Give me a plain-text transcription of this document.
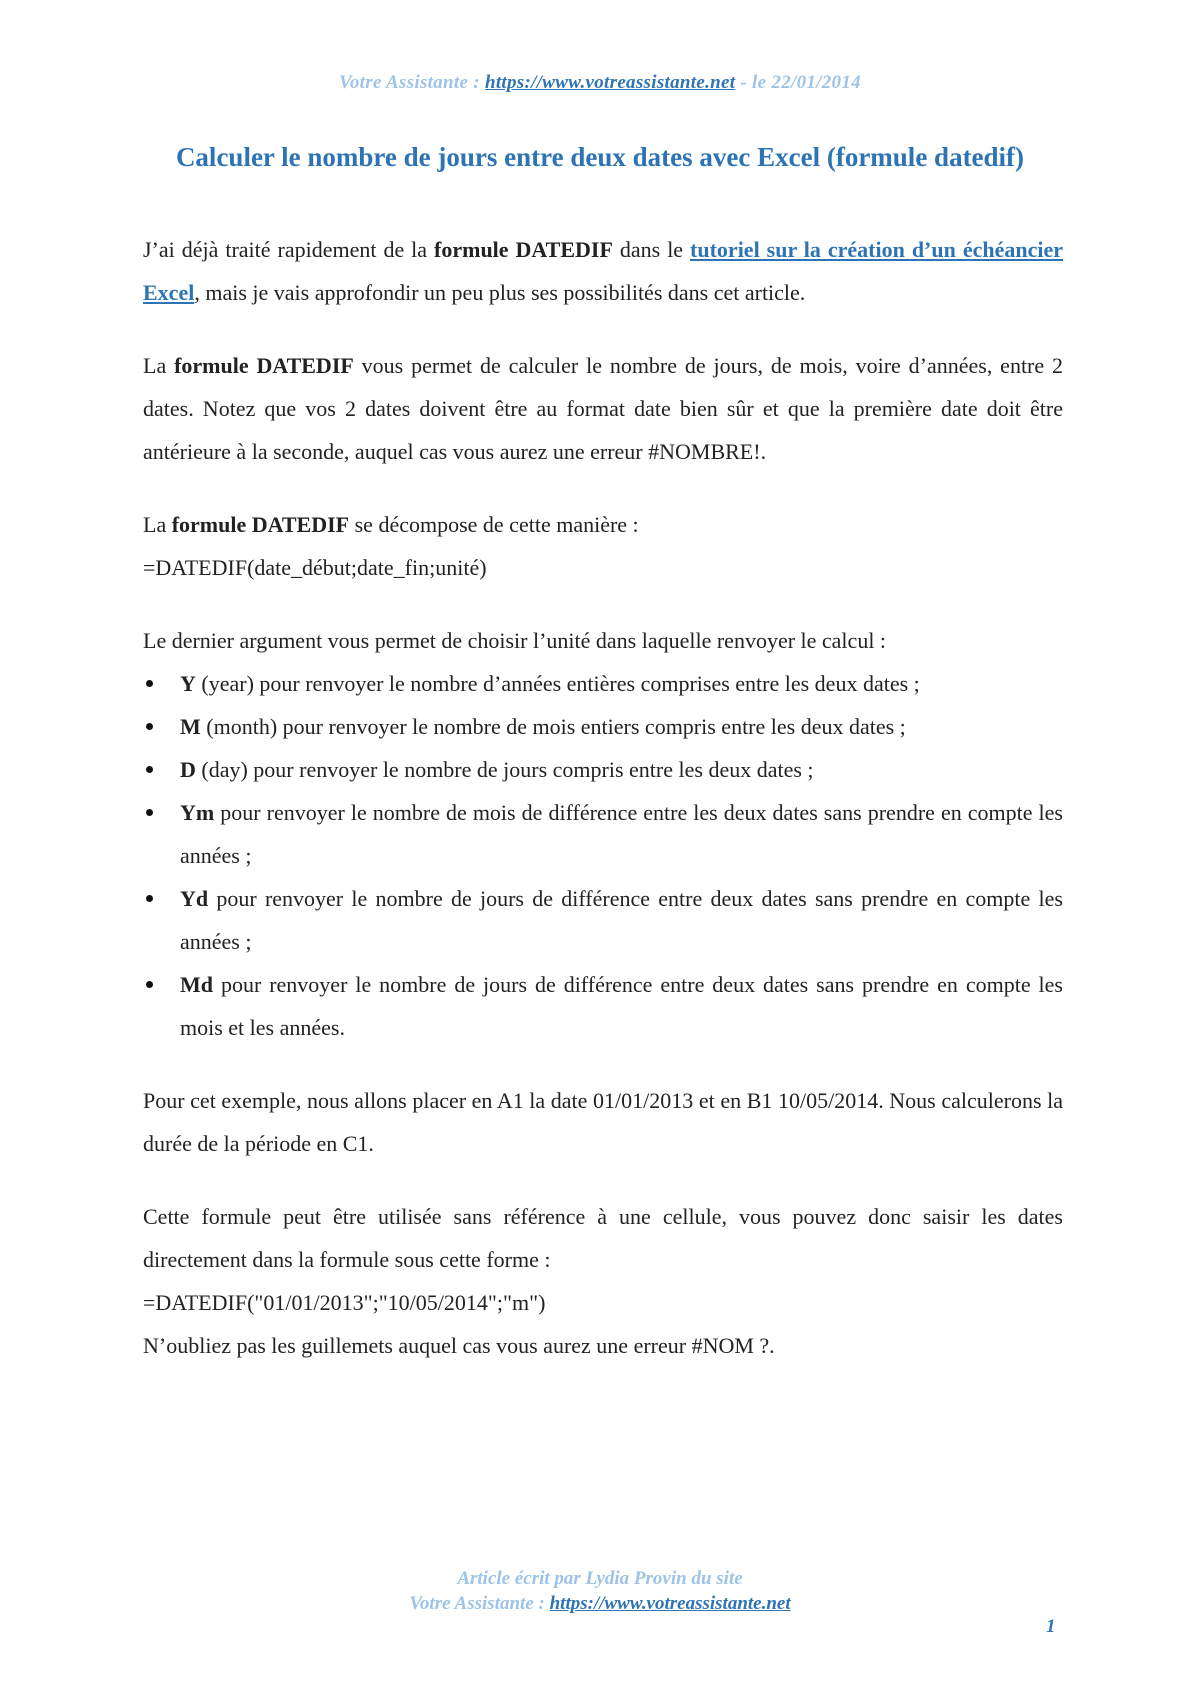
Votre Assistante : https://www.votreassistante.net - le 22/01/2014
Calculer le nombre de jours entre deux dates avec Excel (formule datedif)

J’ai déjà traité rapidement de la formule DATEDIF dans le tutoriel sur la création d’un échéancier Excel, mais je vais approfondir un peu plus ses possibilités dans cet article.

La formule DATEDIF vous permet de calculer le nombre de jours, de mois, voire d’années, entre 2 dates. Notez que vos 2 dates doivent être au format date bien sûr et que la première date doit être antérieure à la seconde, auquel cas vous aurez une erreur #NOMBRE!.

La formule DATEDIF se décompose de cette manière :

=DATEDIF(date_début;date_fin;unité)

Le dernier argument vous permet de choisir l’unité dans laquelle renvoyer le calcul :

Y (year) pour renvoyer le nombre d’années entières comprises entre les deux dates ;
M (month) pour renvoyer le nombre de mois entiers compris entre les deux dates ;
D (day) pour renvoyer le nombre de jours compris entre les deux dates ;
Ym pour renvoyer le nombre de mois de différence entre les deux dates sans prendre en compte les années ;
Yd pour renvoyer le nombre de jours de différence entre deux dates sans prendre en compte les années ;
Md pour renvoyer le nombre de jours de différence entre deux dates sans prendre en compte les mois et les années.

Pour cet exemple, nous allons placer en A1 la date 01/01/2013 et en B1 10/05/2014. Nous calculerons la durée de la période en C1.

Cette formule peut être utilisée sans référence à une cellule, vous pouvez donc saisir les dates directement dans la formule sous cette forme :

=DATEDIF("01/01/2013";"10/05/2014";"m")

N’oubliez pas les guillemets auquel cas vous aurez une erreur #NOM ?.

Article écrit par Lydia Provin du site
Votre Assistante : https://www.votreassistante.net
1
